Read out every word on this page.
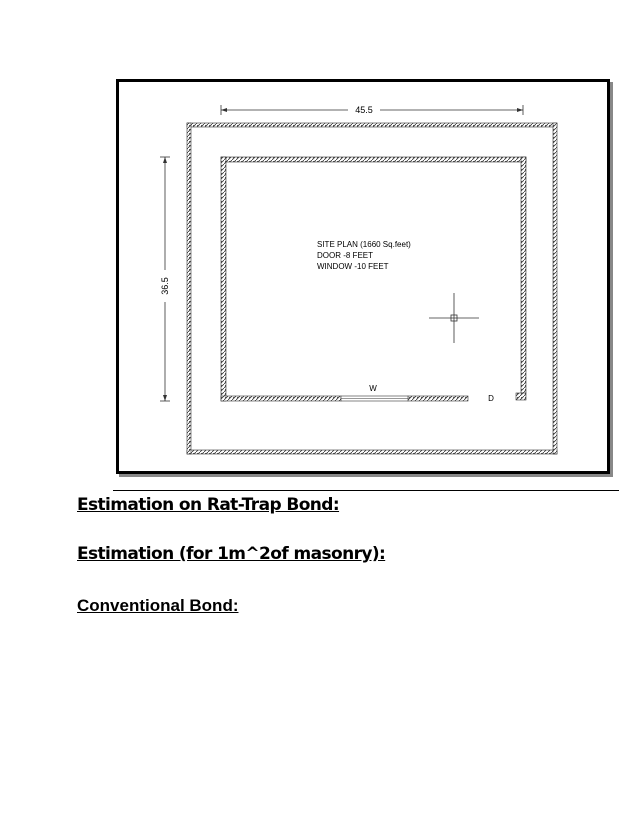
45.5
36.5
SITE PLAN (1660 Sq.feet)
DOOR -8 FEET
WINDOW -10 FEET
W
D
Estimation on Rat-Trap Bond:
Estimation (for 1m^2of masonry):
Conventional Bond:
